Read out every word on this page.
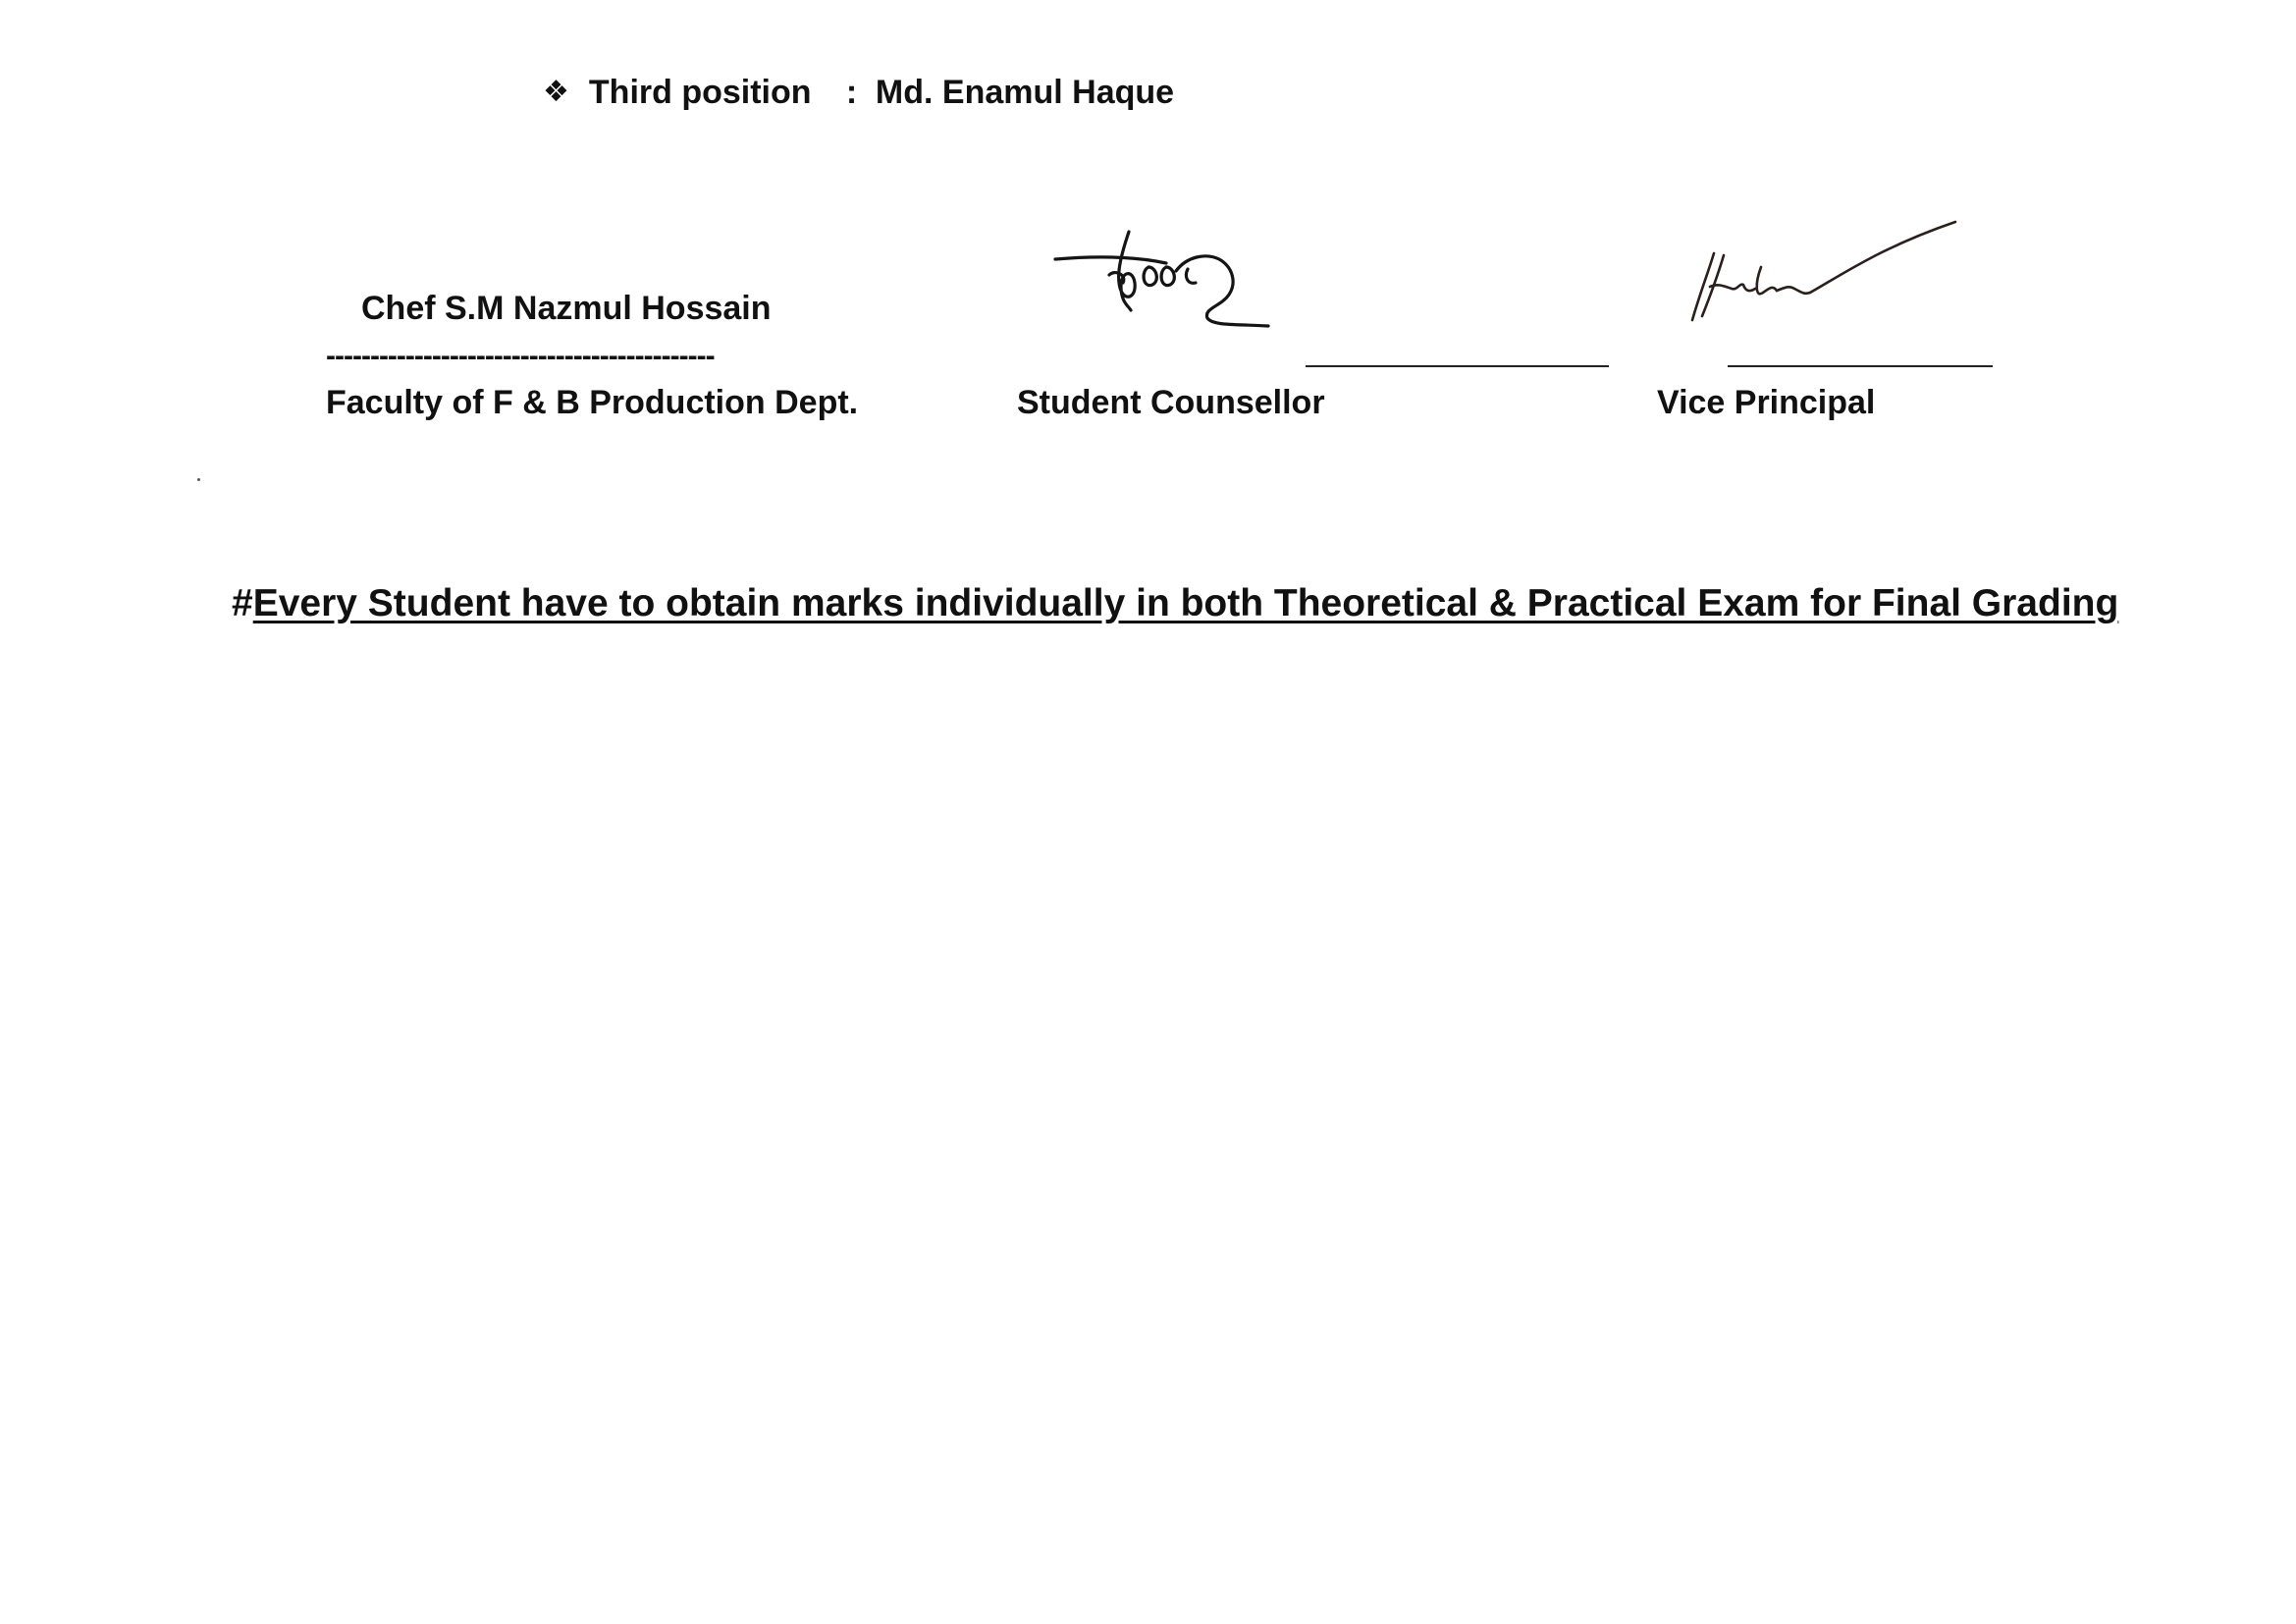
❖ Third position	: Md. Enamul Haque
Chef S.M Nazmul Hossain
--------------------------------------------
Faculty of F & B Production Dept.	Student Counsellor	Vice Principal
#Every Student have to obtain marks individually in both Theoretical & Practical Exam for Final Grading
